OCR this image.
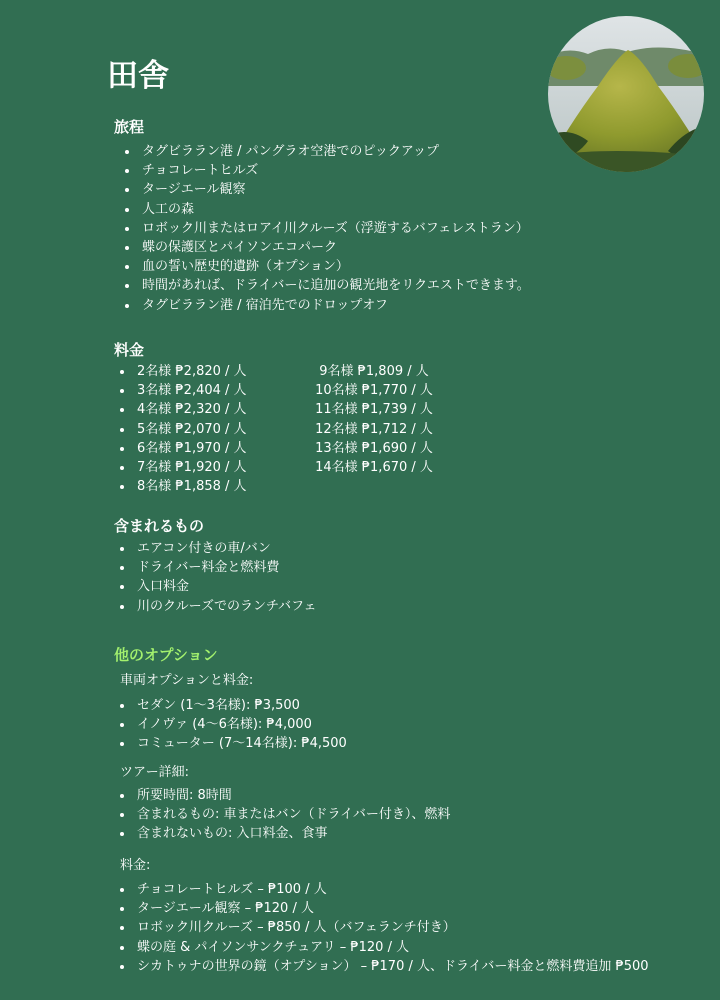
田舎
旅程
タグビララン港 / パングラオ空港でのピックアップ
チョコレートヒルズ
タージエール観察
人工の森
ロボック川またはロアイ川クルーズ（浮遊するバフェレストラン）
蝶の保護区とパイソンエコパーク
血の誓い歴史的遺跡（オプション）
時間があれば、ドライバーに追加の観光地をリクエストできます。
タグビララン港 / 宿泊先でのドロップオフ
料金
2名様 ₱2,820 / 人	9名様 ₱1,809 / 人
3名様 ₱2,404 / 人	10名様 ₱1,770 / 人
4名様 ₱2,320 / 人	11名様 ₱1,739 / 人
5名様 ₱2,070 / 人	12名様 ₱1,712 / 人
6名様 ₱1,970 / 人	13名様 ₱1,690 / 人
7名様 ₱1,920 / 人	14名様 ₱1,670 / 人
8名様 ₱1,858 / 人
含まれるもの
エアコン付きの車/バン
ドライバー料金と燃料費
入口料金
川のクルーズでのランチバフェ
他のオプション

車両オプションと料金:

セダン (1〜3名様): ₱3,500
イノヴァ (4〜6名様): ₱4,000
コミューター (7〜14名様): ₱4,500

ツアー詳細:

所要時間: 8時間
含まれるもの: 車またはバン（ドライバー付き）、燃料
含まれないもの: 入口料金、食事

料金:

チョコレートヒルズ – ₱100 / 人
タージエール観察 – ₱120 / 人
ロボック川クルーズ – ₱850 / 人（バフェランチ付き）
蝶の庭 & パイソンサンクチュアリ – ₱120 / 人
シカトゥナの世界の鏡（オプション） – ₱170 / 人、ドライバー料金と燃料費追加 ₱500
